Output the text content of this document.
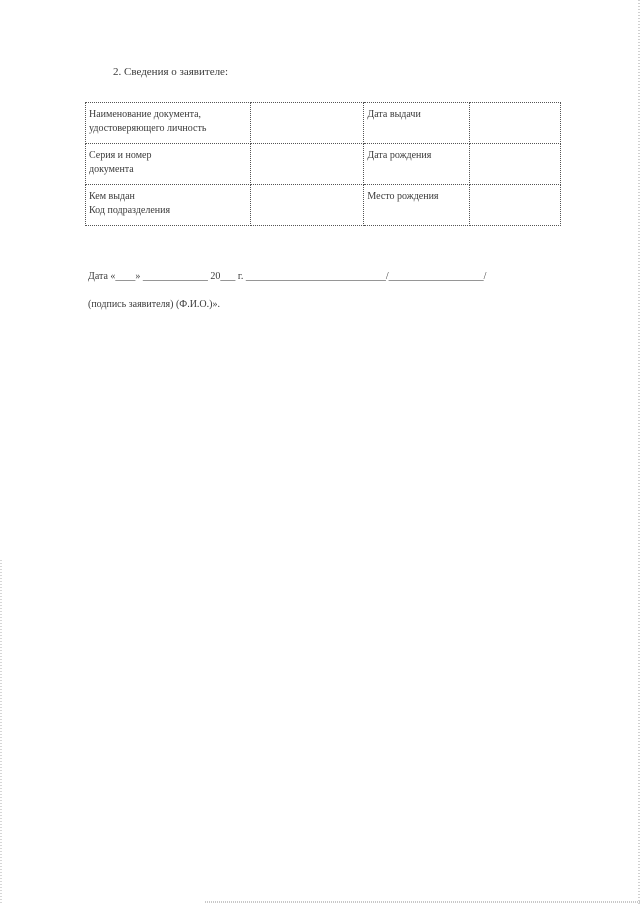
2. Сведения о заявителе:
Наименование документа,
удостоверяющего личность		Дата выдачи	
Серия и номер
документа		Дата рождения	
Кем выдан
Код подразделения		Место рождения	
Дата «____» _____________ 20___ г. ____________________________/___________________/
(подпись заявителя) (Ф.И.О.)».
